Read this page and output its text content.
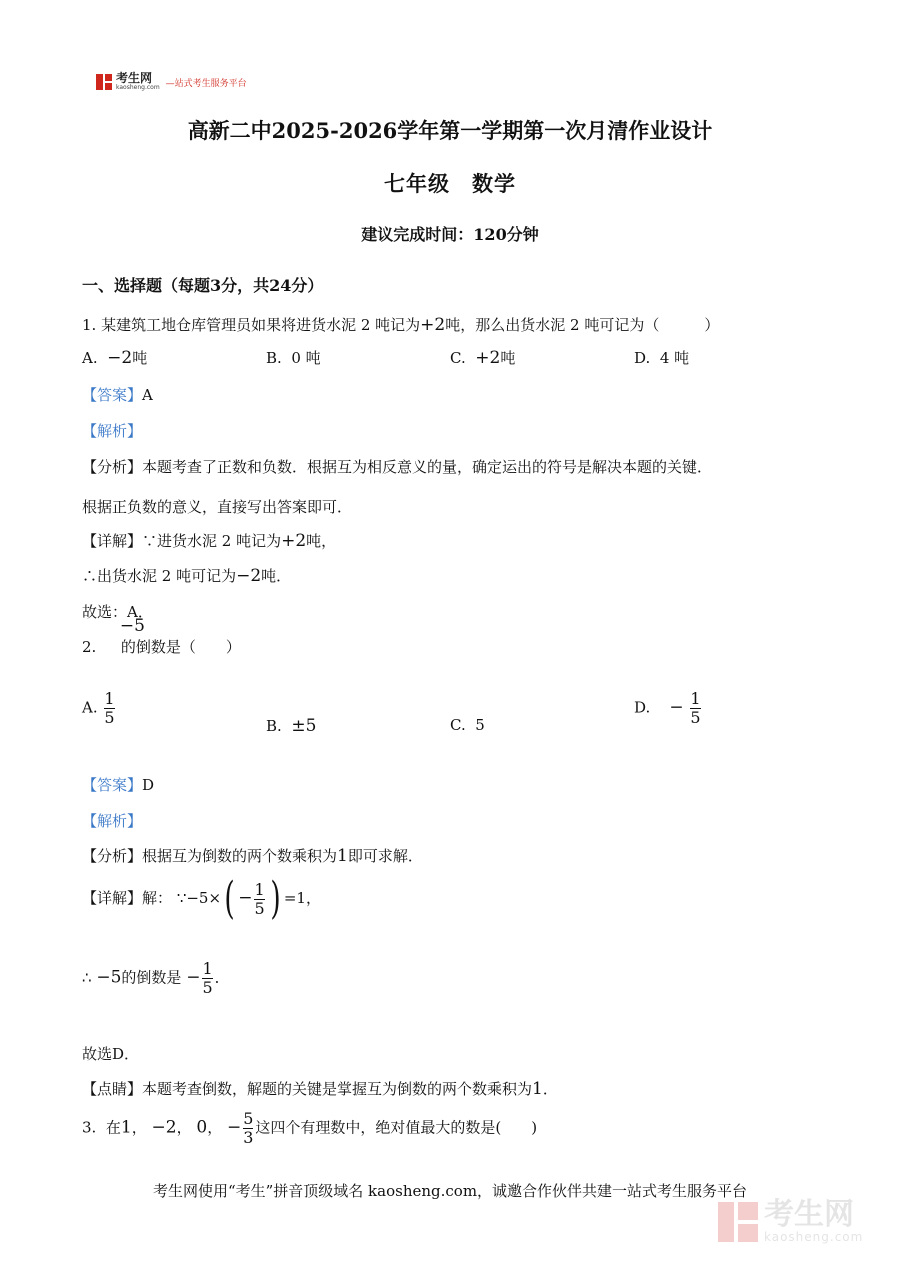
考生网
kaosheng.com —站式考生服务平台
高新二中2025-2026学年第一学期第一次月清作业设计
七年级　数学
建议完成时间：120分钟
一、选择题（每题3分，共24分）
1. 某建筑工地仓库管理员如果将进货水泥 2 吨记为+2吨，那么出货水泥 2 吨可记为（　　　）
A. −2吨	B. 0 吨	C. +2吨	D. 4 吨
【答案】A
【解析】
【分析】本题考查了正数和负数．根据互为相反意义的量，确定运出的符号是解决本题的关键．
根据正负数的意义，直接写出答案即可．
【详解】∵进货水泥 2 吨记为+2吨，
∴出货水泥 2 吨可记为−2吨．
故选：A．
2.
−5
的倒数是（　　）
A. $\frac{1}{5}$	B. ±5	C. 5
D. − $\frac{1}{5}$
【答案】D
【解析】
【分析】根据互为倒数的两个数乘积为1即可求解．
【详解】解： ∵−5×( − $\frac{1}{5}$ ) =1，
∴ −5的倒数是 − $\frac{1}{5}$ ．
故选D．
【点睛】本题考查倒数，解题的关键是掌握互为倒数的两个数乘积为1．
3. 在1， −2， 0， − $\frac{5}{3}$ 这四个有理数中，绝对值最大的数是(　　)
考生网使用“考生”拼音顶级域名 kaosheng.com，诚邀合作伙伴共建一站式考生服务平台
考生网
kaosheng.com
